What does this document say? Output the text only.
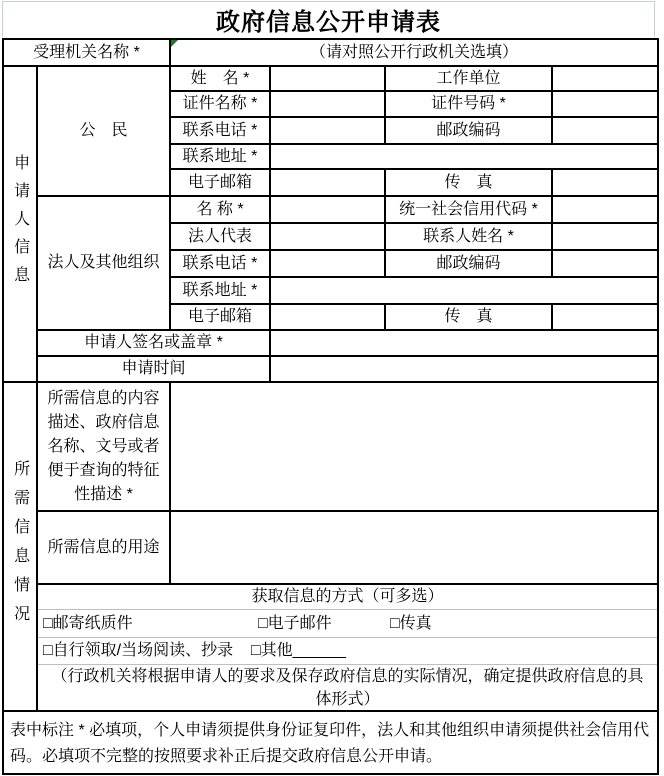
政府信息公开申请表
受理机关名称 *	（请对照公开行政机关选填）
申请人信息
公　民
姓　名 *	工作单位
证件名称 *	证件号码 *
联系电话 *	邮政编码
联系地址 *
电子邮箱	传　真
法人及其他组织
名 称 *	统一社会信用代码 *
法人代表	联系人姓名 *
联系电话 *	邮政编码
联系地址 *
电子邮箱	传　真
申请人签名或盖章 *
申请时间
所需信息情况
所需信息的内容描述、政府信息名称、文号或者便于查询的特征性描述 *
所需信息的用途
获取信息的方式（可多选）
□邮寄纸质件	□电子邮件	□传真
□自行领取/当场阅读、抄录 □其他______
（行政机关将根据申请人的要求及保存政府信息的实际情况，确定提供政府信息的具体形式）
表中标注 * 必填项，个人申请须提供身份证复印件，法人和其他组织申请须提供社会信用代码。必填项不完整的按照要求补正后提交政府信息公开申请。
